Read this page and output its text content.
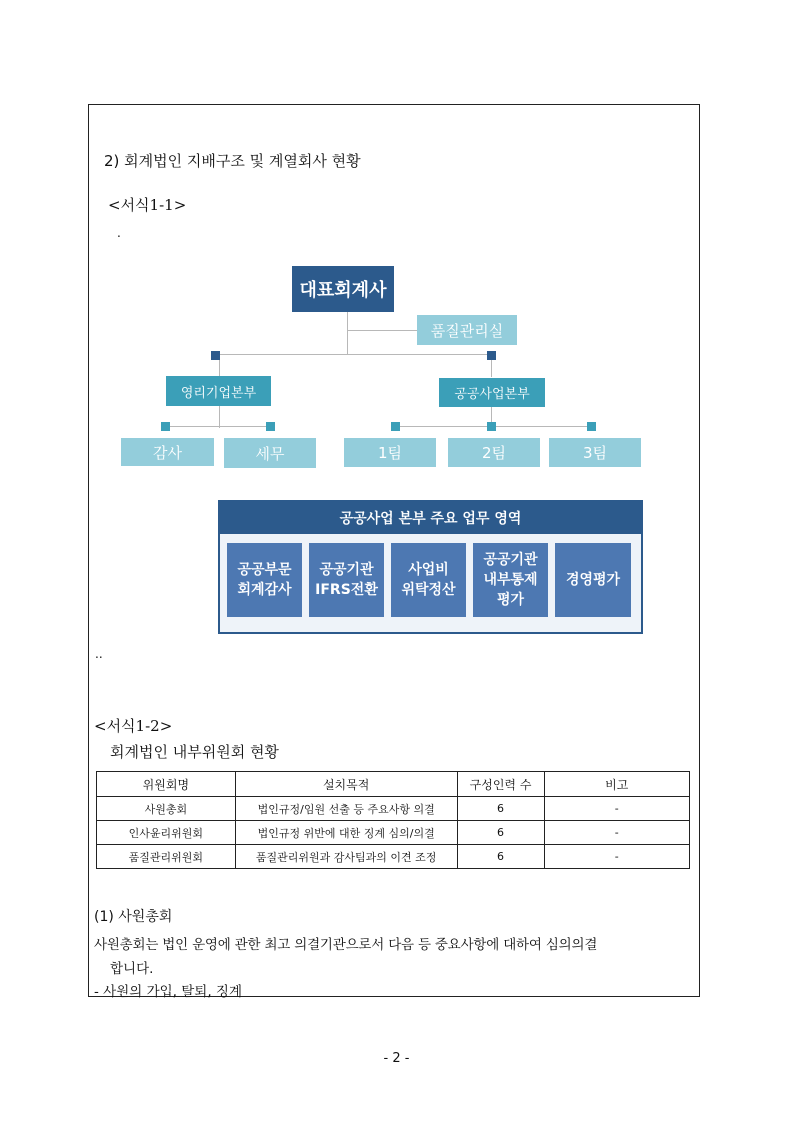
2) 회계법인 지배구조 및 계열회사 현황
<서식1-1>
.
대표회계사
품질관리실
영리기업본부	공공사업본부
감사	세무	1팀	2팀	3팀
공공사업 본부 주요 업무 영역
공공부문
회계감사
공공기관
IFRS전환
사업비
위탁정산
공공기관
내부통제
평가
경영평가
..
<서식1-2>
회계법인 내부위원회 현황
위원회명	설치목적	구성인력 수	비고
사원총회	법인규정/임원 선출 등 주요사항 의결	6	-
인사윤리위원회	법인규정 위반에 대한 징계 심의/의결	6	-
품질관리위원회	품질관리위원과 감사팀과의 이견 조정	6	-
(1) 사원총회
사원총회는 법인 운영에 관한 최고 의결기관으로서 다음 등 중요사항에 대하여 심의의결
합니다.
- 사원의 가입, 탈퇴, 징계
- 2 -
